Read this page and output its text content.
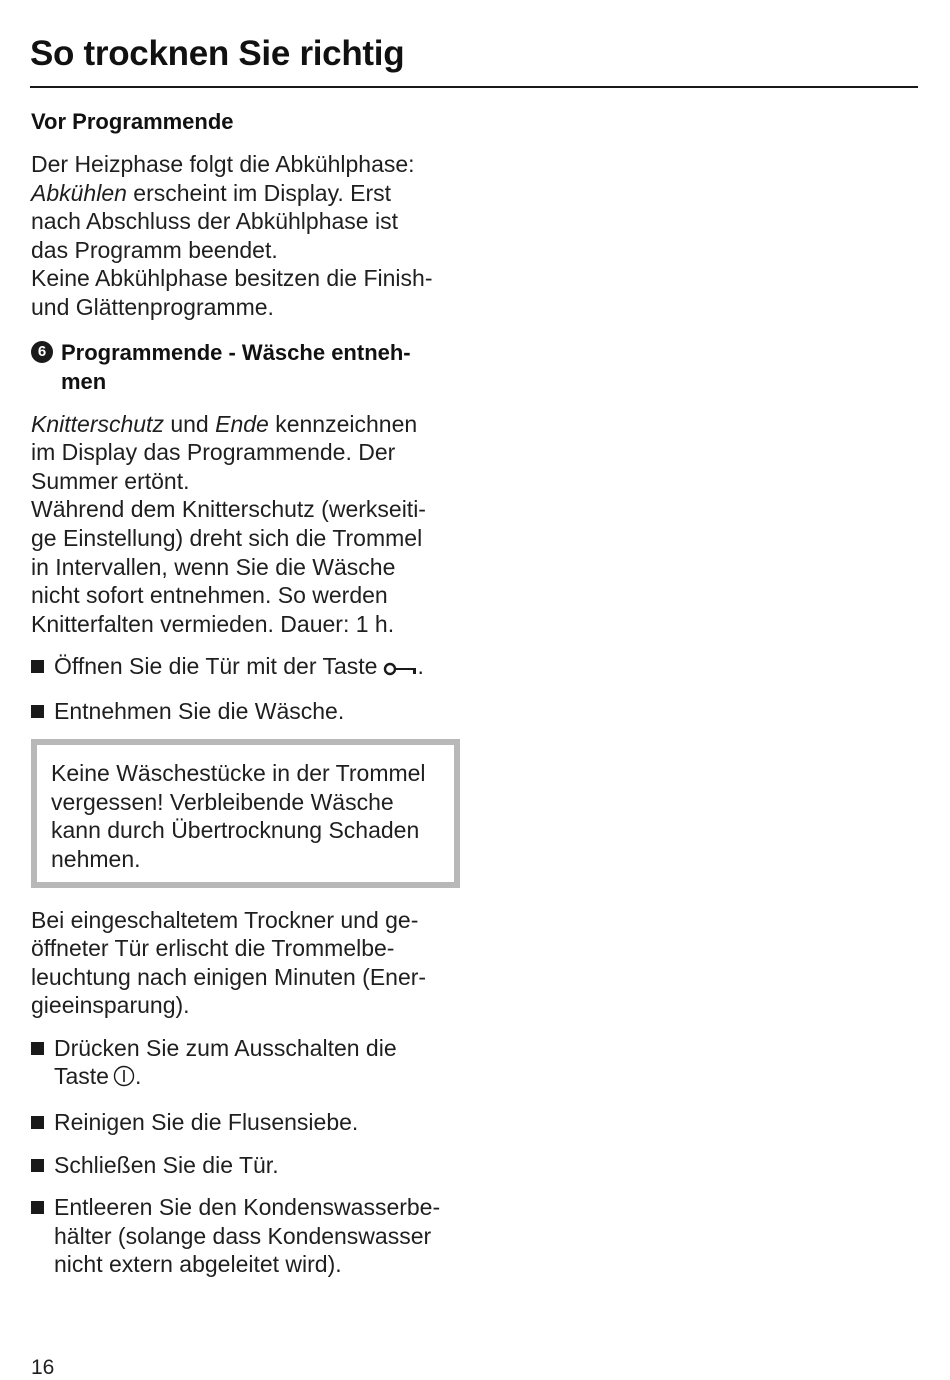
So trocknen Sie richtig
Vor Programmende

Der Heizphase folgt die Abkühlphase:
Abkühlen erscheint im Display. Erst
nach Abschluss der Abkühlphase ist
das Programm beendet.
Keine Abkühlphase besitzen die Finish-
und Glättenprogramme.

6 Programmende - Wäsche entneh-
men

Knitterschutz und Ende kennzeichnen
im Display das Programmende. Der
Summer ertönt.
Während dem Knitterschutz (werkseiti-
ge Einstellung) dreht sich die Trommel
in Intervallen, wenn Sie die Wäsche
nicht sofort entnehmen. So werden
Knitterfalten vermieden. Dauer: 1 h.

Öffnen Sie die Tür mit der Taste .
Entnehmen Sie die Wäsche.
Keine Wäschestücke in der Trommel
vergessen! Verbleibende Wäsche
kann durch Übertrocknung Schaden
nehmen.

Bei eingeschaltetem Trockner und ge-
öffneter Tür erlischt die Trommelbe-
leuchtung nach einigen Minuten (Ener-
gieeinsparung).

Drücken Sie zum Ausschalten die
Taste .
Reinigen Sie die Flusensiebe.
Schließen Sie die Tür.
Entleeren Sie den Kondenswasserbe-
hälter (solange dass Kondenswasser
nicht extern abgeleitet wird).
16
